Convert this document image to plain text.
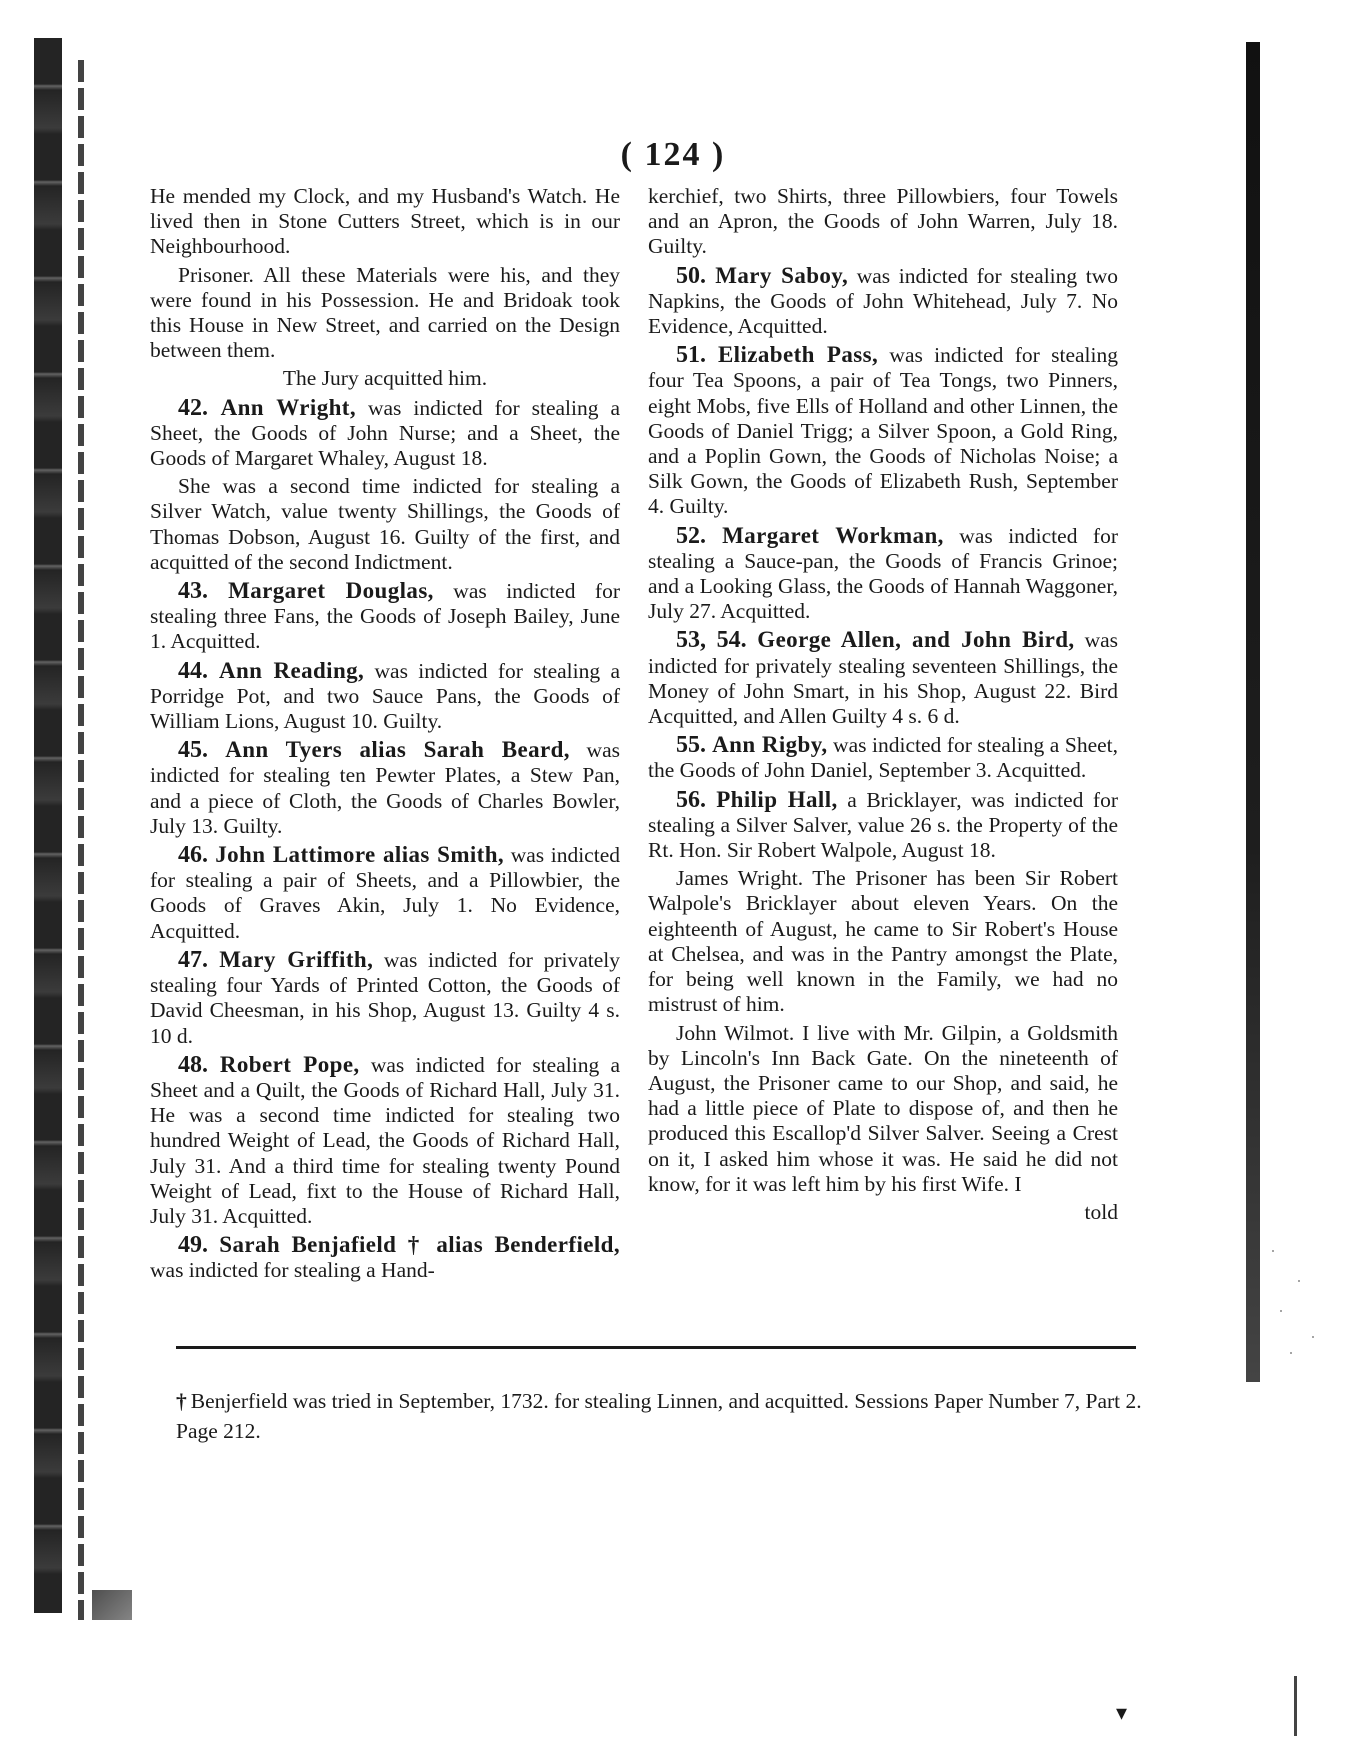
( 124 )

He mended my Clock, and my Husband's Watch. He lived then in Stone Cutters Street, which is in our Neighbourhood.

Prisoner. All these Materials were his, and they were found in his Possession. He and Bridoak took this House in New Street, and carried on the Design between them.

The Jury acquitted him.

42. Ann Wright, was indicted for stealing a Sheet, the Goods of John Nurse; and a Sheet, the Goods of Margaret Whaley, August 18.

She was a second time indicted for stealing a Silver Watch, value twenty Shillings, the Goods of Thomas Dobson, August 16. Guilty of the first, and acquitted of the second Indictment.

43. Margaret Douglas, was indicted for stealing three Fans, the Goods of Joseph Bailey, June 1. Acquitted.

44. Ann Reading, was indicted for stealing a Porridge Pot, and two Sauce Pans, the Goods of William Lions, August 10. Guilty.

45. Ann Tyers alias Sarah Beard, was indicted for stealing ten Pewter Plates, a Stew Pan, and a piece of Cloth, the Goods of Charles Bowler, July 13. Guilty.

46. John Lattimore alias Smith, was indicted for stealing a pair of Sheets, and a Pillowbier, the Goods of Graves Akin, July 1. No Evidence, Acquitted.

47. Mary Griffith, was indicted for privately stealing four Yards of Printed Cotton, the Goods of David Cheesman, in his Shop, August 13. Guilty 4 s. 10 d.

48. Robert Pope, was indicted for stealing a Sheet and a Quilt, the Goods of Richard Hall, July 31. He was a second time indicted for stealing two hundred Weight of Lead, the Goods of Richard Hall, July 31. And a third time for stealing twenty Pound Weight of Lead, fixt to the House of Richard Hall, July 31. Acquitted.

49. Sarah Benjafield † alias Benderfield, was indicted for stealing a Hand-

kerchief, two Shirts, three Pillowbiers, four Towels and an Apron, the Goods of John Warren, July 18. Guilty.

50. Mary Saboy, was indicted for stealing two Napkins, the Goods of John Whitehead, July 7. No Evidence, Acquitted.

51. Elizabeth Pass, was indicted for stealing four Tea Spoons, a pair of Tea Tongs, two Pinners, eight Mobs, five Ells of Holland and other Linnen, the Goods of Daniel Trigg; a Silver Spoon, a Gold Ring, and a Poplin Gown, the Goods of Nicholas Noise; a Silk Gown, the Goods of Elizabeth Rush, September 4. Guilty.

52. Margaret Workman, was indicted for stealing a Sauce-pan, the Goods of Francis Grinoe; and a Looking Glass, the Goods of Hannah Waggoner, July 27. Acquitted.

53, 54. George Allen, and John Bird, was indicted for privately stealing seventeen Shillings, the Money of John Smart, in his Shop, August 22. Bird Acquitted, and Allen Guilty 4 s. 6 d.

55. Ann Rigby, was indicted for stealing a Sheet, the Goods of John Daniel, September 3. Acquitted.

56. Philip Hall, a Bricklayer, was indicted for stealing a Silver Salver, value 26 s. the Property of the Rt. Hon. Sir Robert Walpole, August 18.

James Wright. The Prisoner has been Sir Robert Walpole's Bricklayer about eleven Years. On the eighteenth of August, he came to Sir Robert's House at Chelsea, and was in the Pantry amongst the Plate, for being well known in the Family, we had no mistrust of him.

John Wilmot. I live with Mr. Gilpin, a Goldsmith by Lincoln's Inn Back Gate. On the nineteenth of August, the Prisoner came to our Shop, and said, he had a little piece of Plate to dispose of, and then he produced this Escallop'd Silver Salver. Seeing a Crest on it, I asked him whose it was. He said he did not know, for it was left him by his first Wife. I

told

† Benjerfield was tried in September, 1732. for stealing Linnen, and acquitted. Sessions Paper Number 7, Part 2. Page 212.
▾
